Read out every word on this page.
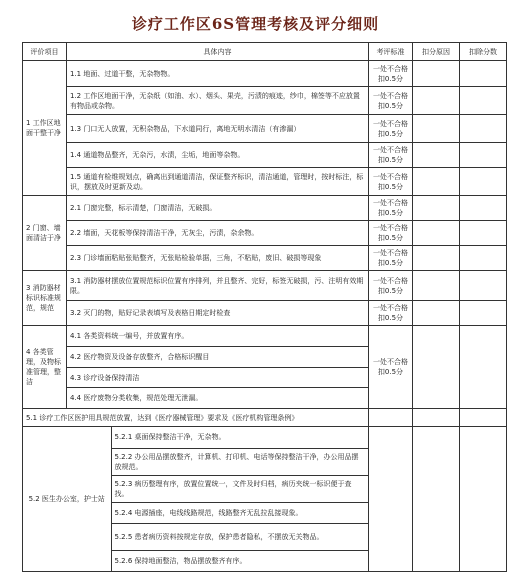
诊疗工作区6S管理考核及评分细则
评价项目	具体内容	考评标准	扣分原因	扣除分数
1 工作区地面干整干净	1.1 地面、过道干整，无杂物物。	一处不合格扣0.5分		
1.2 工作区地面干净，无杂纸（如油、水）、烟头、果壳，污渍的痕迹，纱巾，棉签等不应放置有物品或杂物。	一处不合格扣0.5分		
1.3 门口无人放置，无积杂物品，下水道同行，离地无明水清洁（有渗漏）	一处不合格扣0.5分		
1.4 通道物品整齐，无杂污，水渍，尘垢，地面等杂物。	一处不合格扣0.5分		
1.5 通道有检维规划点，确离出到通道清洁，保证整齐标识，清洁通道，管理时，按时标注，标识，摆放及时更新及动。	一处不合格扣0.5分		
2 门窗、墙面清洁于净	2.1 门窗完整，标示清楚，门窗清洁，无破损。	一处不合格扣0.5分		
2.2 墙面，天花板等保持清洁干净，无灰尘，污渍，杂余物。	一处不合格扣0.5分		
2.3 门诊墙面粘贴张贴整齐，无张贴检验单据，三角，不粘贴，废旧、破损等现象	一处不合格扣0.5分		
3 消防器材标识标准规范，规范	3.1 消防器材摆放位置规范标识位置有序排列，并且整齐、完好，标签无破损，污、注明有效期限。	一处不合格扣0.5分		
3.2 灭门的物，贴好记录表填写及表格日期定时检查	一处不合格扣0.5分		
4 各类管理，及物标准管理，整洁	4.1 各类资料统一编号，并放置有序。	一处不合格扣0.5分		
4.2 医疗物资及设备存放整齐，合格标识醒目
4.3 诊疗设备保持清洁
4.4 医疗废物分类收集，规范处理无泄漏。
5.1 诊疗工作区医护用具规范放置，达到《医疗器械管理》要求及《医疗机构管理条例》			

5.2 医生办公室，护士站	5.2.1 桌面保持整洁干净，无杂物。
5.2.2 办公用品摆放整齐，计算机、打印机、电话等保持整洁干净，办公用品摆放规范。
5.2.3 病历整理有序，放置位置统一，文件及时归档，病历夹统一标识便于查找。
5.2.4 电源插座，电线线路规范，线路整齐无乱拉乱接现象。
5.2.5 患者病历资料按规定存放，保护患者隐私，不摆放无关物品。
5.2.6 保持地面整洁，物品摆放整齐有序。
